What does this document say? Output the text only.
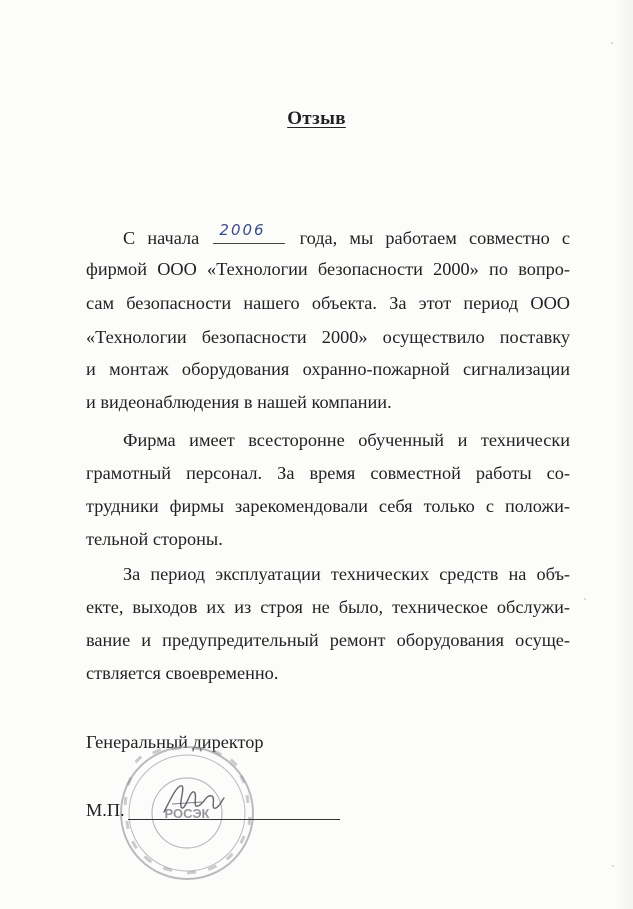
Отзыв
С начала 2006 года, мы работаем совместно с
фирмой ООО «Технологии безопасности 2000» по вопро-
сам безопасности нашего объекта. За этот период ООО
«Технологии безопасности 2000» осуществило поставку
и монтаж оборудования охранно-пожарной сигнализации
и видеонаблюдения в нашей компании.
Фирма имеет всесторонне обученный и технически
грамотный персонал. За время совместной работы со-
трудники фирмы зарекомендовали себя только с положи-
тельной стороны.
За период эксплуатации технических средств на объ-
екте, выходов их из строя не было, техническое обслужи-
вание и предупредительный ремонт оборудования осуще-
ствляется своевременно.
Генеральный директор
РОСЭК
М.П.
